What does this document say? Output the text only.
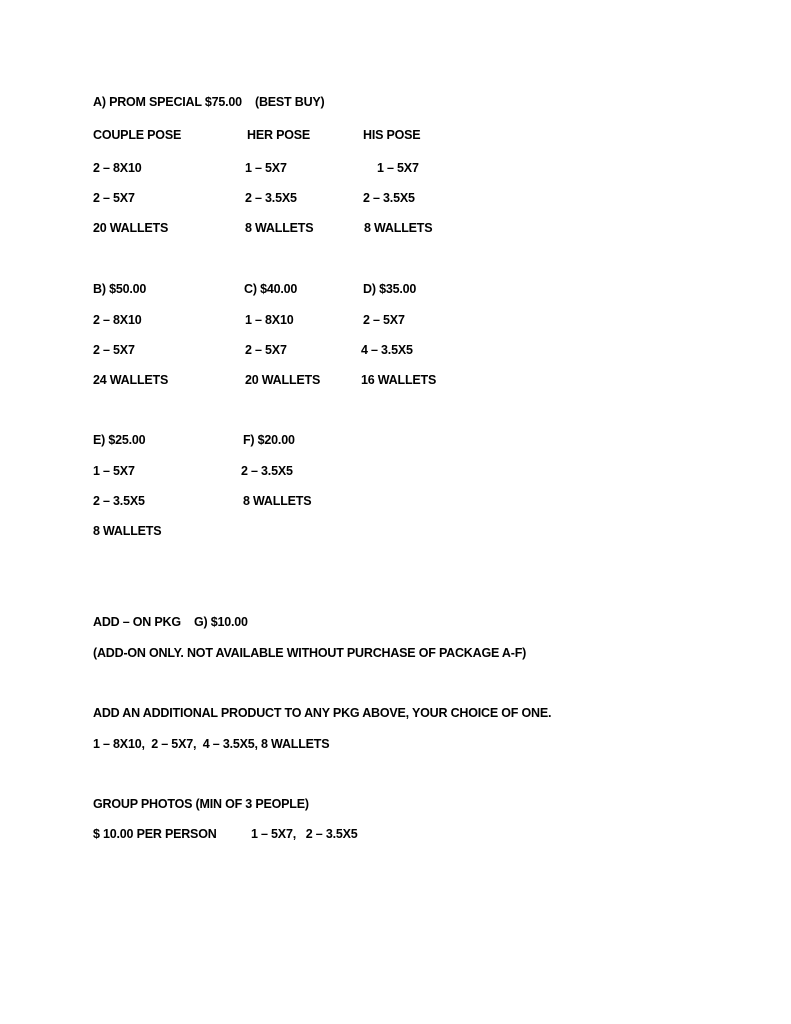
A) PROM SPECIAL $75.00    (BEST BUY)
COUPLE POSE	HER POSE	HIS POSE
2 – 8X10	1 – 5X7	1 – 5X7
2 – 5X7	2 – 3.5X5	2 – 3.5X5
20 WALLETS	8 WALLETS	8 WALLETS
B) $50.00	C) $40.00	D) $35.00
2 – 8X10	1 – 8X10	2 – 5X7
2 – 5X7	2 – 5X7	4 – 3.5X5
24 WALLETS	20 WALLETS	16 WALLETS
E) $25.00	F) $20.00
1 – 5X7	2 – 3.5X5
2 – 3.5X5	8 WALLETS
8 WALLETS
ADD – ON PKG    G) $10.00
(ADD-ON ONLY. NOT AVAILABLE WITHOUT PURCHASE OF PACKAGE A-F)
ADD AN ADDITIONAL PRODUCT TO ANY PKG ABOVE, YOUR CHOICE OF ONE.
1 – 8X10,  2 – 5X7,  4 – 3.5X5, 8 WALLETS
GROUP PHOTOS (MIN OF 3 PEOPLE)
$ 10.00 PER PERSON	1 – 5X7,   2 – 3.5X5
